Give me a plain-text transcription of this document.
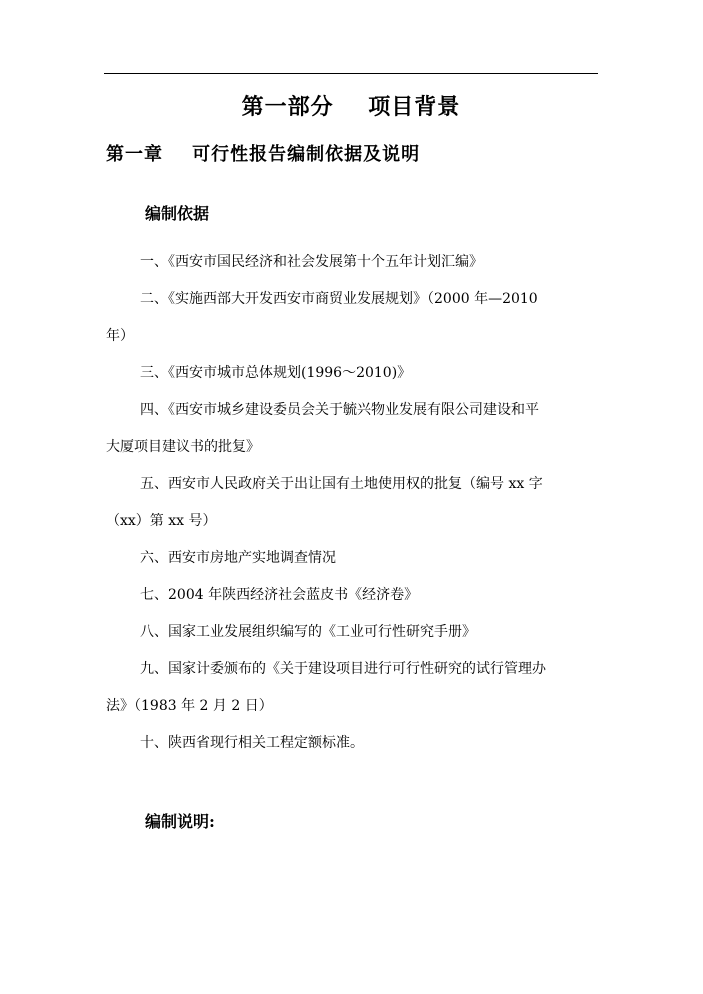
第一部分    项目背景
第一章    可行性报告编制依据及说明
编制依据
一、《西安市国民经济和社会发展第十个五年计划汇编》
二、《实施西部大开发西安市商贸业发展规划》（2000 年—2010 年）
三、《西安市城市总体规划(1996～2010)》
四、《西安市城乡建设委员会关于毓兴物业发展有限公司建设和平大厦项目建议书的批复》
五、西安市人民政府关于出让国有土地使用权的批复（编号 xx 字（xx）第 xx 号）
六、西安市房地产实地调查情况
七、2004 年陕西经济社会蓝皮书《经济卷》
八、国家工业发展组织编写的《工业可行性研究手册》
九、国家计委颁布的《关于建设项目进行可行性研究的试行管理办法》（1983 年 2 月 2 日）
十、陕西省现行相关工程定额标准。
编制说明:
